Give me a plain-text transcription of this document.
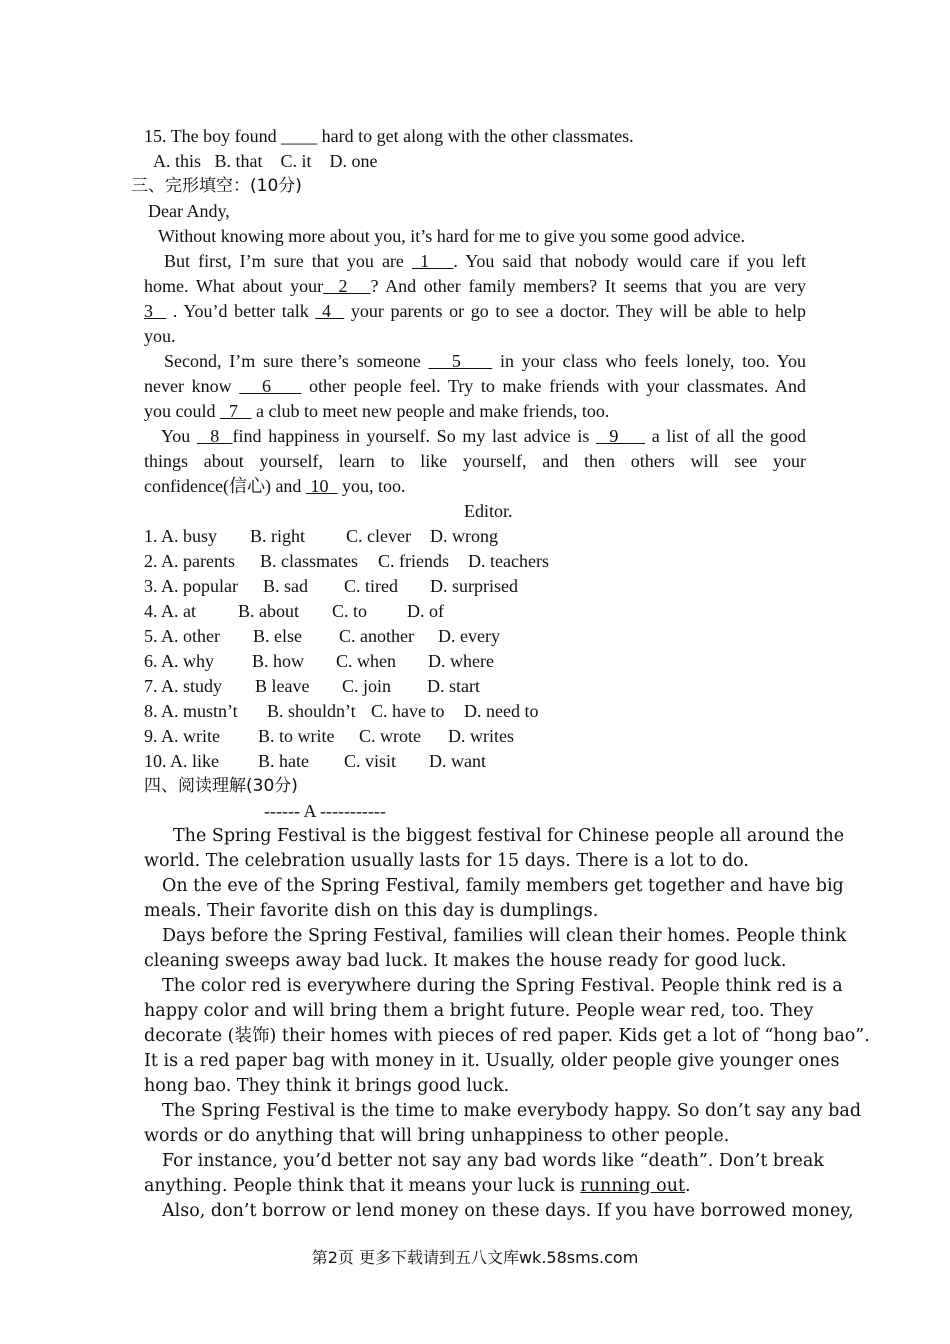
15. The boy found ____ hard to get along with the other classmates.
A. this B. that C. it D. one
三、完形填空：(10分)
Dear Andy,
Without knowing more about you, it’s hard for me to give you some good advice.
But first, I’m sure that you are  1   . You said that nobody would care if you left
home. What about your  2   ? And other family members? It seems that you are very
3   . You’d better talk  4   your parents or go to see a doctor. They will be able to help
you.
Second, I’m sure there’s someone    5     in your class who feels lonely, too. You
never know    6     other people feel. Try to make friends with your classmates. And
you could   7    a club to meet new people and make friends, too.
You   8  find happiness in yourself. So my last advice is   9     a list of all the good
things about yourself, learn to like yourself, and then others will see your
confidence(信心) and  10   you, too.
Editor.
1. A. busy B. right C. clever D. wrong
2. A. parents B. classmates C. friends D. teachers
3. A. popular B. sad C. tired D. surprised
4. A. at B. about C. to D. of
5. A. other B. else C. another D. every
6. A. why B. how C. when D. where
7. A. study B leave C. join D. start
8. A. mustn’t B. shouldn’t C. have to D. need to
9. A. write B. to write C. wrote D. writes
10. A. like B. hate C. visit D. want
四、阅读理解(30分)
------ A -----------
The Spring Festival is the biggest festival for Chinese people all around the
world. The celebration usually lasts for 15 days. There is a lot to do.
On the eve of the Spring Festival, family members get together and have big
meals. Their favorite dish on this day is dumplings.
Days before the Spring Festival, families will clean their homes. People think
cleaning sweeps away bad luck. It makes the house ready for good luck.
The color red is everywhere during the Spring Festival. People think red is a
happy color and will bring them a bright future. People wear red, too. They
decorate (装饰) their homes with pieces of red paper. Kids get a lot of “hong bao”.
It is a red paper bag with money in it. Usually, older people give younger ones
hong bao. They think it brings good luck.
The Spring Festival is the time to make everybody happy. So don’t say any bad
words or do anything that will bring unhappiness to other people.
For instance, you’d better not say any bad words like “death”. Don’t break
anything. People think that it means your luck is running out.
Also, don’t borrow or lend money on these days. If you have borrowed money,
第2页 更多下载请到五八文库wk.58sms.com
